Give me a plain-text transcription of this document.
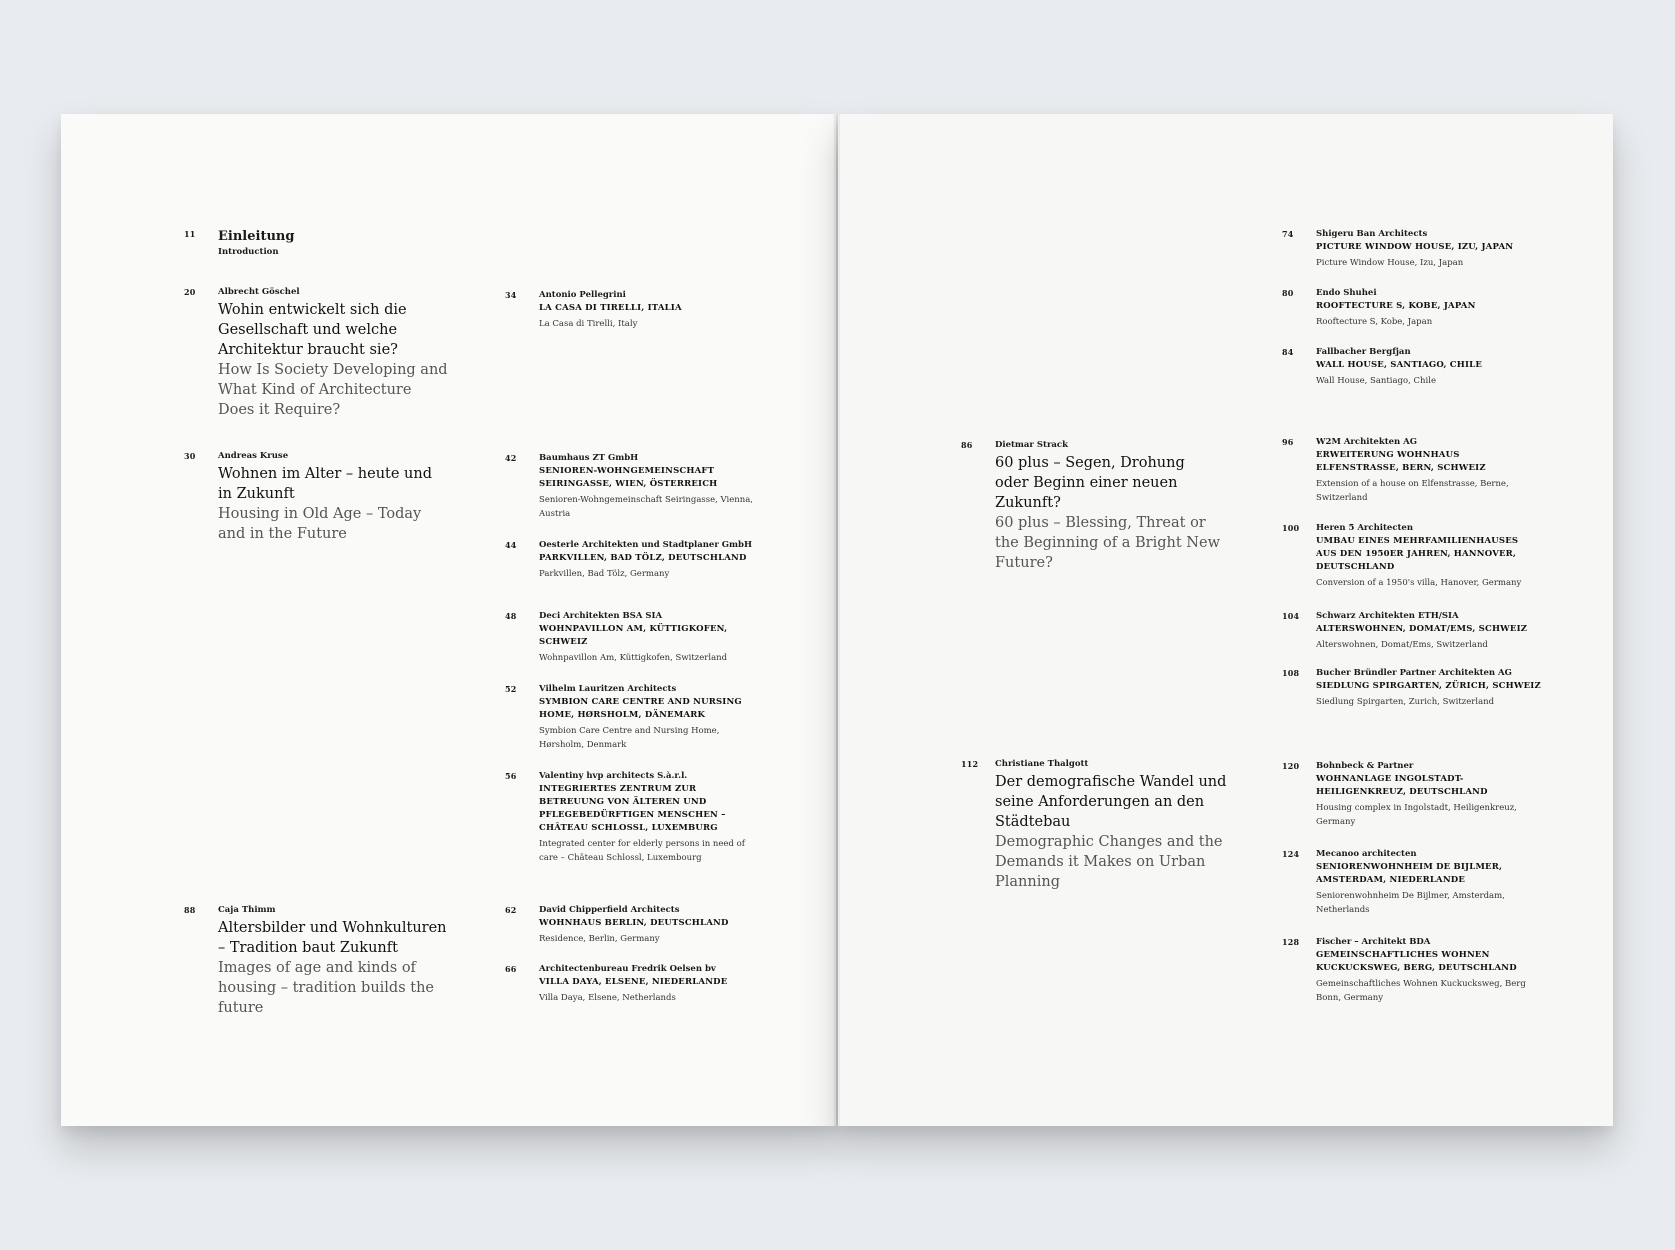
11 Einleitung
Introduction
20	Albrecht Göschel
Wohin entwickelt sich die Gesellschaft und welche Architektur braucht sie?
How Is Society Developing and What Kind of Architecture Does it Require?
30	Andreas Kruse
Wohnen im Alter – heute und in Zukunft
Housing in Old Age – Today and in the Future
88	Caja Thimm
Altersbilder und Wohnkulturen – Tradition baut Zukunft
Images of age and kinds of housing – tradition builds the future
34	Antonio Pellegrini
LA CASA DI TIRELLI, ITALIA
La Casa di Tirelli, Italy
42	Baumhaus ZT GmbH
SENIOREN-WOHNGEMEINSCHAFT SEIRINGASSE, WIEN, ÖSTERREICH
Senioren-Wohngemeinschaft Seiringasse, Vienna, Austria
44	Oesterle Architekten und Stadtplaner GmbH
PARKVILLEN, BAD TÖLZ, DEUTSCHLAND
Parkvillen, Bad Tölz, Germany
48	Deci Architekten BSA SIA
WOHNPAVILLON AM, KÜTTIGKOFEN, SCHWEIZ
Wohnpavillon Am, Küttigkofen, Switzerland
52	Vilhelm Lauritzen Architects
SYMBION CARE CENTRE AND NURSING HOME, HØRSHOLM, DÄNEMARK
Symbion Care Centre and Nursing Home, Hørsholm, Denmark
56	Valentiny hvp architects S.à.r.l.
INTEGRIERTES ZENTRUM ZUR BETREUUNG VON ÄLTEREN UND PFLEGEBEDÜRFTIGEN MENSCHEN – CHÂTEAU SCHLOSSL, LUXEMBURG
Integrated center for elderly persons in need of care – Château Schlossl, Luxembourg
62	David Chipperfield Architects
WOHNHAUS BERLIN, DEUTSCHLAND
Residence, Berlin, Germany
66	Architectenbureau Fredrik Oelsen bv
VILLA DAYA, ELSENE, NIEDERLANDE
Villa Daya, Elsene, Netherlands
86	Dietmar Strack
60 plus – Segen, Drohung oder Beginn einer neuen Zukunft?
60 plus – Blessing, Threat or the Beginning of a Bright New Future?
112 Christiane Thalgott
Der demografische Wandel und seine Anforderungen an den Städtebau
Demographic Changes and the Demands it Makes on Urban Planning
74	Shigeru Ban Architects
PICTURE WINDOW HOUSE, IZU, JAPAN
Picture Window House, Izu, Japan
80	Endo Shuhei
ROOFTECTURE S, KOBE, JAPAN
Rooftecture S, Kobe, Japan
84	Fallbacher Bergfjan
WALL HOUSE, SANTIAGO, CHILE
Wall House, Santiago, Chile
96	W2M Architekten AG
ERWEITERUNG WOHNHAUS ELFENSTRASSE, BERN, SCHWEIZ
Extension of a house on Elfenstrasse, Berne, Switzerland
100 Heren 5 Architecten
UMBAU EINES MEHRFAMILIENHAUSES AUS DEN 1950ER JAHREN, HANNOVER, DEUTSCHLAND
Conversion of a 1950's villa, Hanover, Germany
104 Schwarz Architekten ETH/SIA
ALTERSWOHNEN, DOMAT/EMS, SCHWEIZ
Alterswohnen, Domat/Ems, Switzerland
108 Bucher Bründler Partner Architekten AG
SIEDLUNG SPIRGARTEN, ZÜRICH, SCHWEIZ
Siedlung Spirgarten, Zurich, Switzerland
120 Bohnbeck & Partner
WOHNANLAGE INGOLSTADT-HEILIGENKREUZ, DEUTSCHLAND
Housing complex in Ingolstadt, Heiligenkreuz, Germany
124 Mecanoo architecten
SENIORENWOHNHEIM DE BIJLMER, AMSTERDAM, NIEDERLANDE
Seniorenwohnheim De Bijlmer, Amsterdam, Netherlands
128 Fischer – Architekt BDA
GEMEINSCHAFTLICHES WOHNEN KUCKUCKSWEG, BERG, DEUTSCHLAND
Gemeinschaftliches Wohnen Kuckucksweg, Berg Bonn, Germany
